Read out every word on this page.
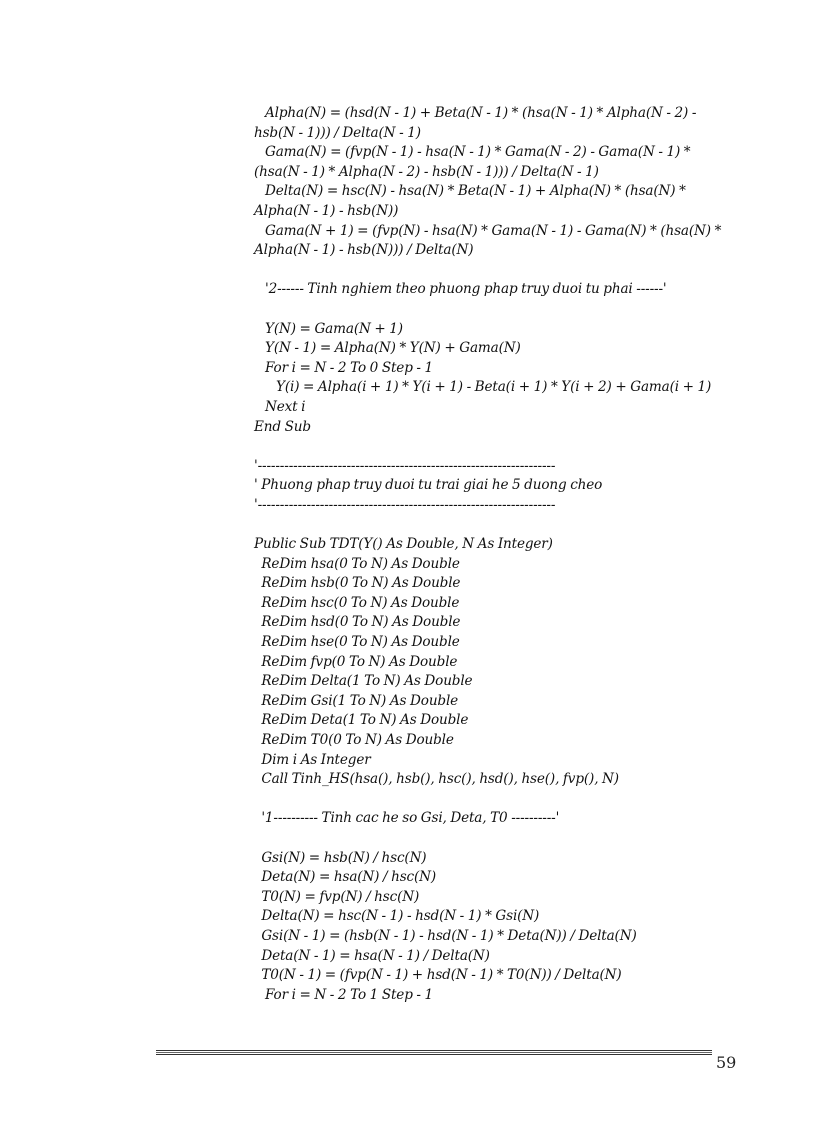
Alpha(N) = (hsd(N - 1) + Beta(N - 1) * (hsa(N - 1) * Alpha(N - 2) -
hsb(N - 1))) / Delta(N - 1)
Gama(N) = (fvp(N - 1) - hsa(N - 1) * Gama(N - 2) - Gama(N - 1) *
(hsa(N - 1) * Alpha(N - 2) - hsb(N - 1))) / Delta(N - 1)
Delta(N) = hsc(N) - hsa(N) * Beta(N - 1) + Alpha(N) * (hsa(N) *
Alpha(N - 1) - hsb(N))
Gama(N + 1) = (fvp(N) - hsa(N) * Gama(N - 1) - Gama(N) * (hsa(N) *
Alpha(N - 1) - hsb(N))) / Delta(N)
'2------ Tinh nghiem theo phuong phap truy duoi tu phai ------'
Y(N) = Gama(N + 1)
Y(N - 1) = Alpha(N) * Y(N) + Gama(N)
For i = N - 2 To 0 Step - 1
Y(i) = Alpha(i + 1) * Y(i + 1) - Beta(i + 1) * Y(i + 2) + Gama(i + 1)
Next i
End Sub
'-------------------------------------------------------------------
' Phuong phap truy duoi tu trai giai he 5 duong cheo
'-------------------------------------------------------------------
Public Sub TDT(Y() As Double, N As Integer)
ReDim hsa(0 To N) As Double
ReDim hsb(0 To N) As Double
ReDim hsc(0 To N) As Double
ReDim hsd(0 To N) As Double
ReDim hse(0 To N) As Double
ReDim fvp(0 To N) As Double
ReDim Delta(1 To N) As Double
ReDim Gsi(1 To N) As Double
ReDim Deta(1 To N) As Double
ReDim T0(0 To N) As Double
Dim i As Integer
Call Tinh_HS(hsa(), hsb(), hsc(), hsd(), hse(), fvp(), N)
'1---------- Tinh cac he so Gsi, Deta, T0 ----------'
Gsi(N) = hsb(N) / hsc(N)
Deta(N) = hsa(N) / hsc(N)
T0(N) = fvp(N) / hsc(N)
Delta(N) = hsc(N - 1) - hsd(N - 1) * Gsi(N)
Gsi(N - 1) = (hsb(N - 1) - hsd(N - 1) * Deta(N)) / Delta(N)
Deta(N - 1) = hsa(N - 1) / Delta(N)
T0(N - 1) = (fvp(N - 1) + hsd(N - 1) * T0(N)) / Delta(N)
For i = N - 2 To 1 Step - 1
59
